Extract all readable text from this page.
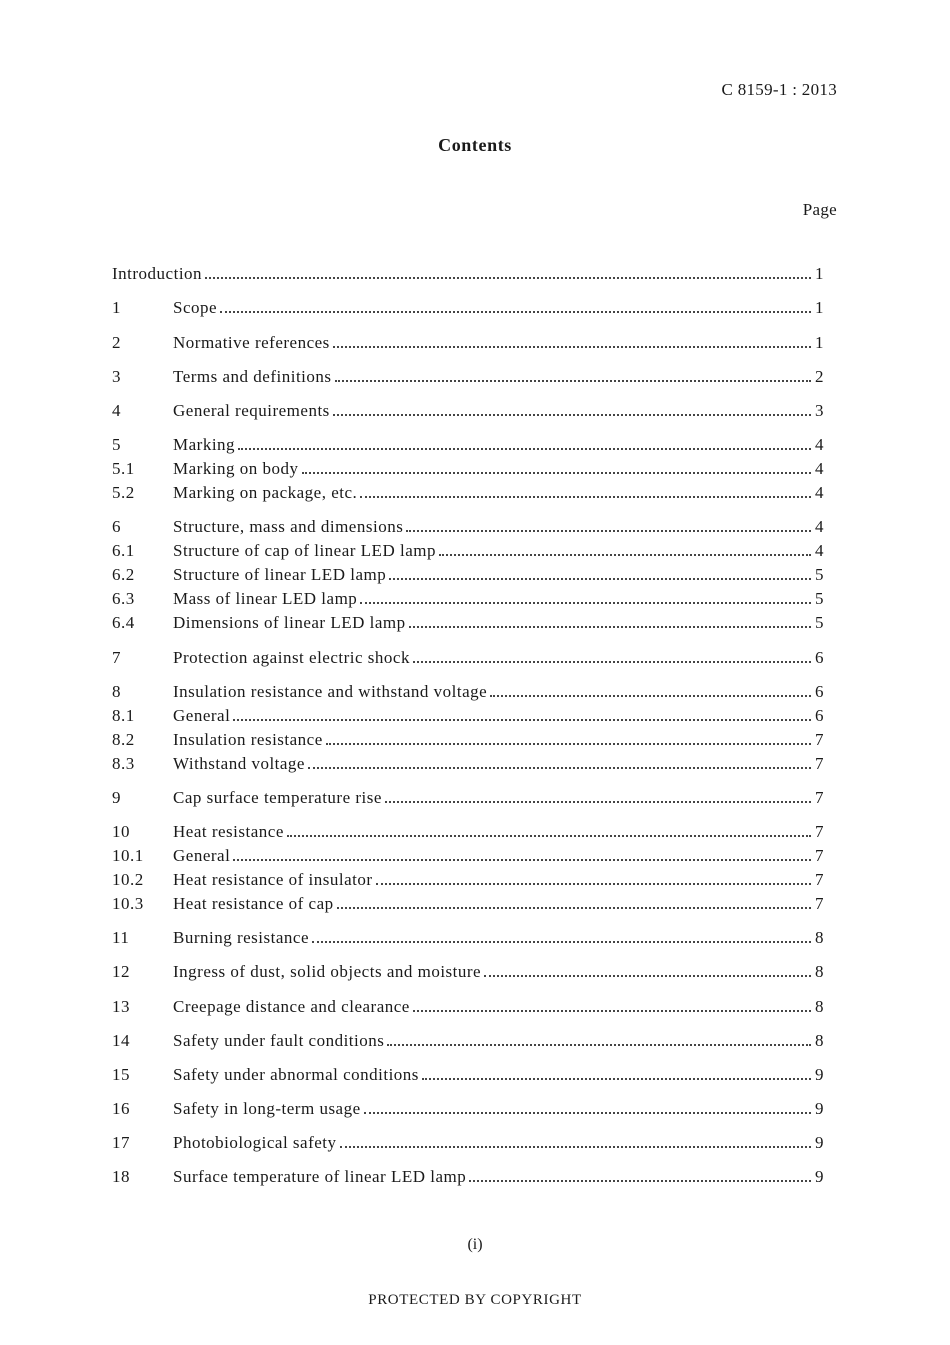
C 8159-1 : 2013
Contents
Page
Introduction	1
1	Scope	1
2	Normative references	1
3	Terms and definitions	2
4	General requirements	3
5	Marking	4
5.1	Marking on body	4
5.2	Marking on package, etc.	4
6	Structure, mass and dimensions	4
6.1	Structure of cap of linear LED lamp	4
6.2	Structure of linear LED lamp	5
6.3	Mass of linear LED lamp	5
6.4	Dimensions of linear LED lamp	5
7	Protection against electric shock	6
8	Insulation resistance and withstand voltage	6
8.1	General	6
8.2	Insulation resistance	7
8.3	Withstand voltage	7
9	Cap surface temperature rise	7
10	Heat resistance	7
10.1	General	7
10.2	Heat resistance of insulator	7
10.3	Heat resistance of cap	7
11	Burning resistance	8
12	Ingress of dust, solid objects and moisture	8
13	Creepage distance and clearance	8
14	Safety under fault conditions	8
15	Safety under abnormal conditions	9
16	Safety in long-term usage	9
17	Photobiological safety	9
18	Surface temperature of linear LED lamp	9
(i)
PROTECTED BY COPYRIGHT
